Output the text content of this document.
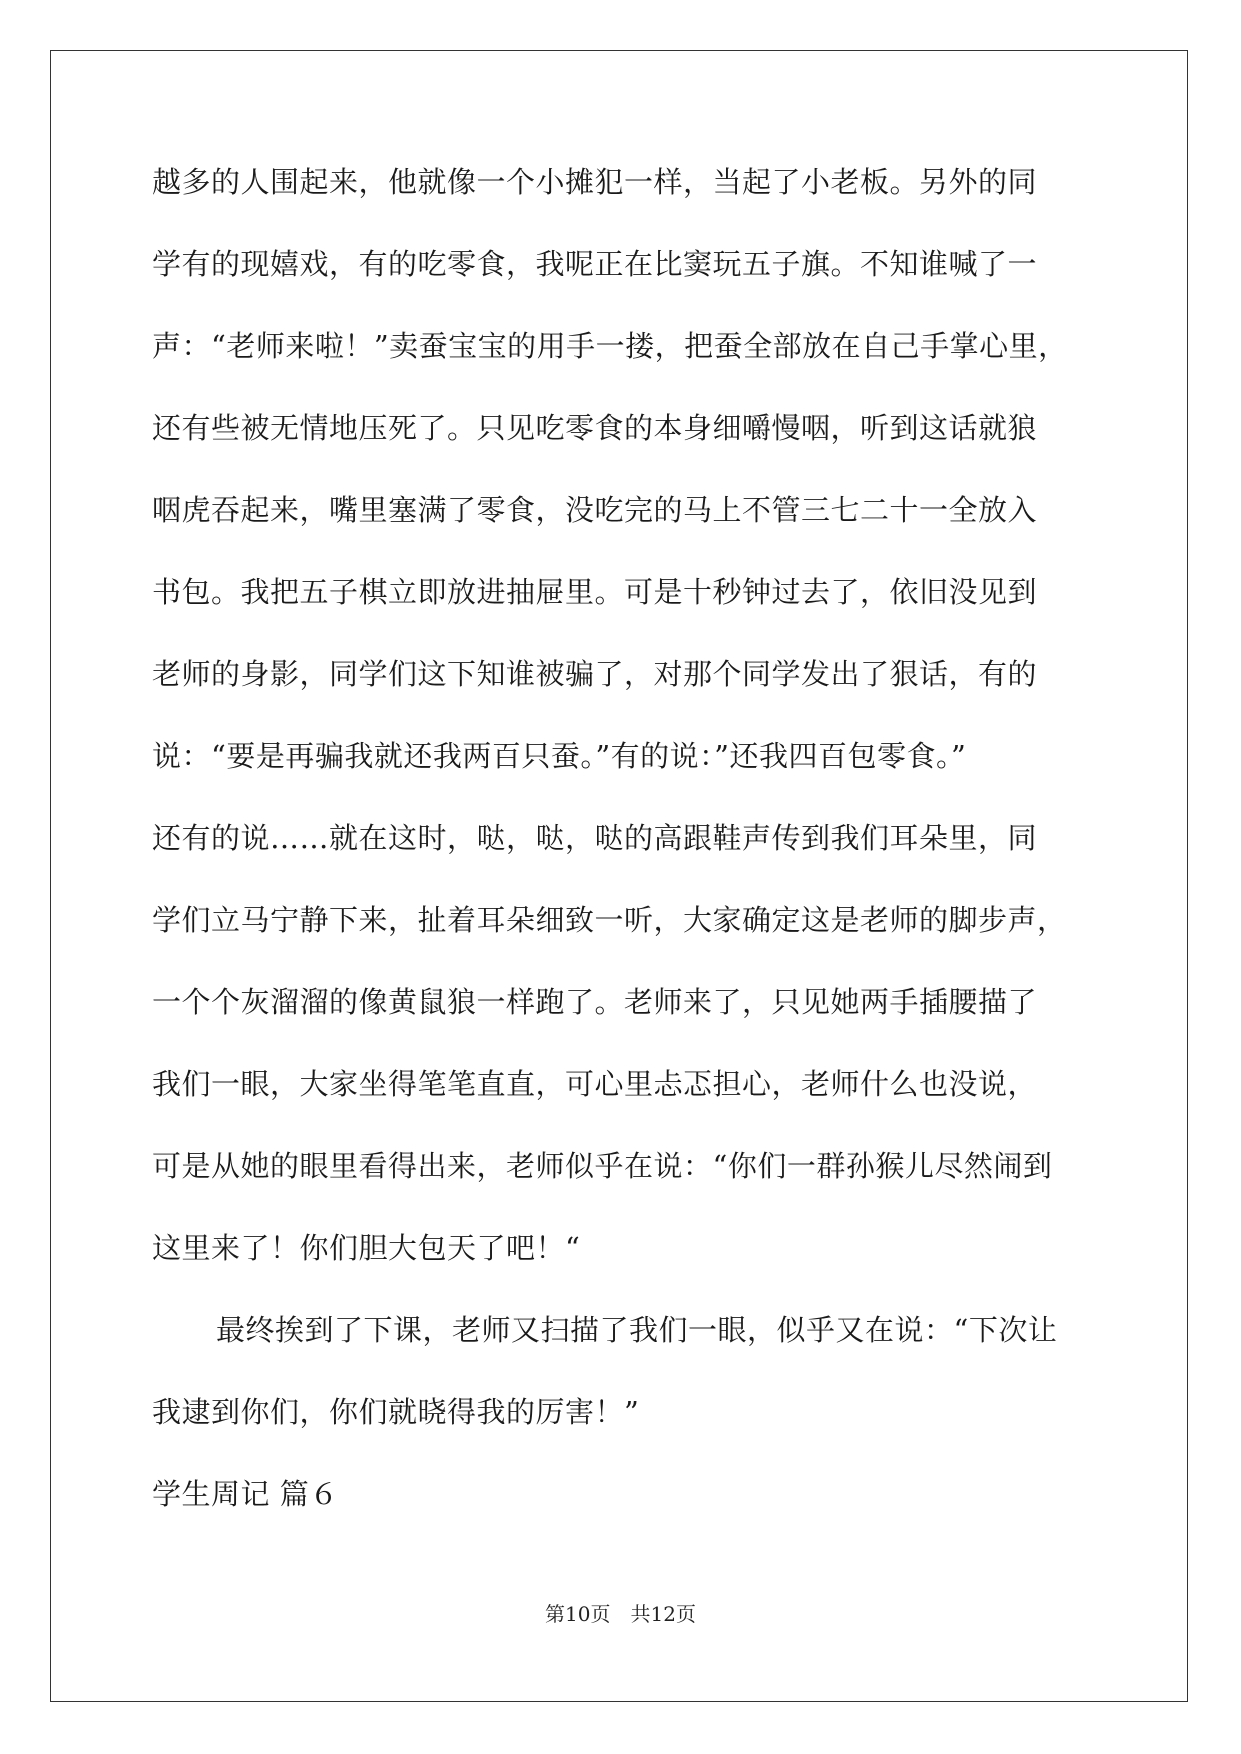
越多的人围起来，他就像一个小摊犯一样，当起了小老板。另外的同
学有的现嬉戏，有的吃零食，我呢正在比窦玩五子旗。不知谁喊了一
声：“老师来啦！”卖蚕宝宝的用手一搂，把蚕全部放在自己手掌心里，
还有些被无情地压死了。只见吃零食的本身细嚼慢咽，听到这话就狼
咽虎吞起来，嘴里塞满了零食，没吃完的马上不管三七二十一全放入
书包。我把五子棋立即放进抽屉里。可是十秒钟过去了，依旧没见到
老师的身影，同学们这下知谁被骗了，对那个同学发出了狠话，有的
说：“要是再骗我就还我两百只蚕。”有的说：”还我四百包零食。”
还有的说……就在这时，哒，哒，哒的高跟鞋声传到我们耳朵里，同
学们立马宁静下来，扯着耳朵细致一听，大家确定这是老师的脚步声，
一个个灰溜溜的像黄鼠狼一样跑了。老师来了，只见她两手插腰描了
我们一眼，大家坐得笔笔直直，可心里忐忑担心，老师什么也没说，
可是从她的眼里看得出来，老师似乎在说：“你们一群孙猴儿尽然闹到
这里来了！你们胆大包天了吧！“
最终挨到了下课，老师又扫描了我们一眼，似乎又在说：“下次让
我逮到你们，你们就晓得我的厉害！”
学生周记 篇６
第10页　共12页
